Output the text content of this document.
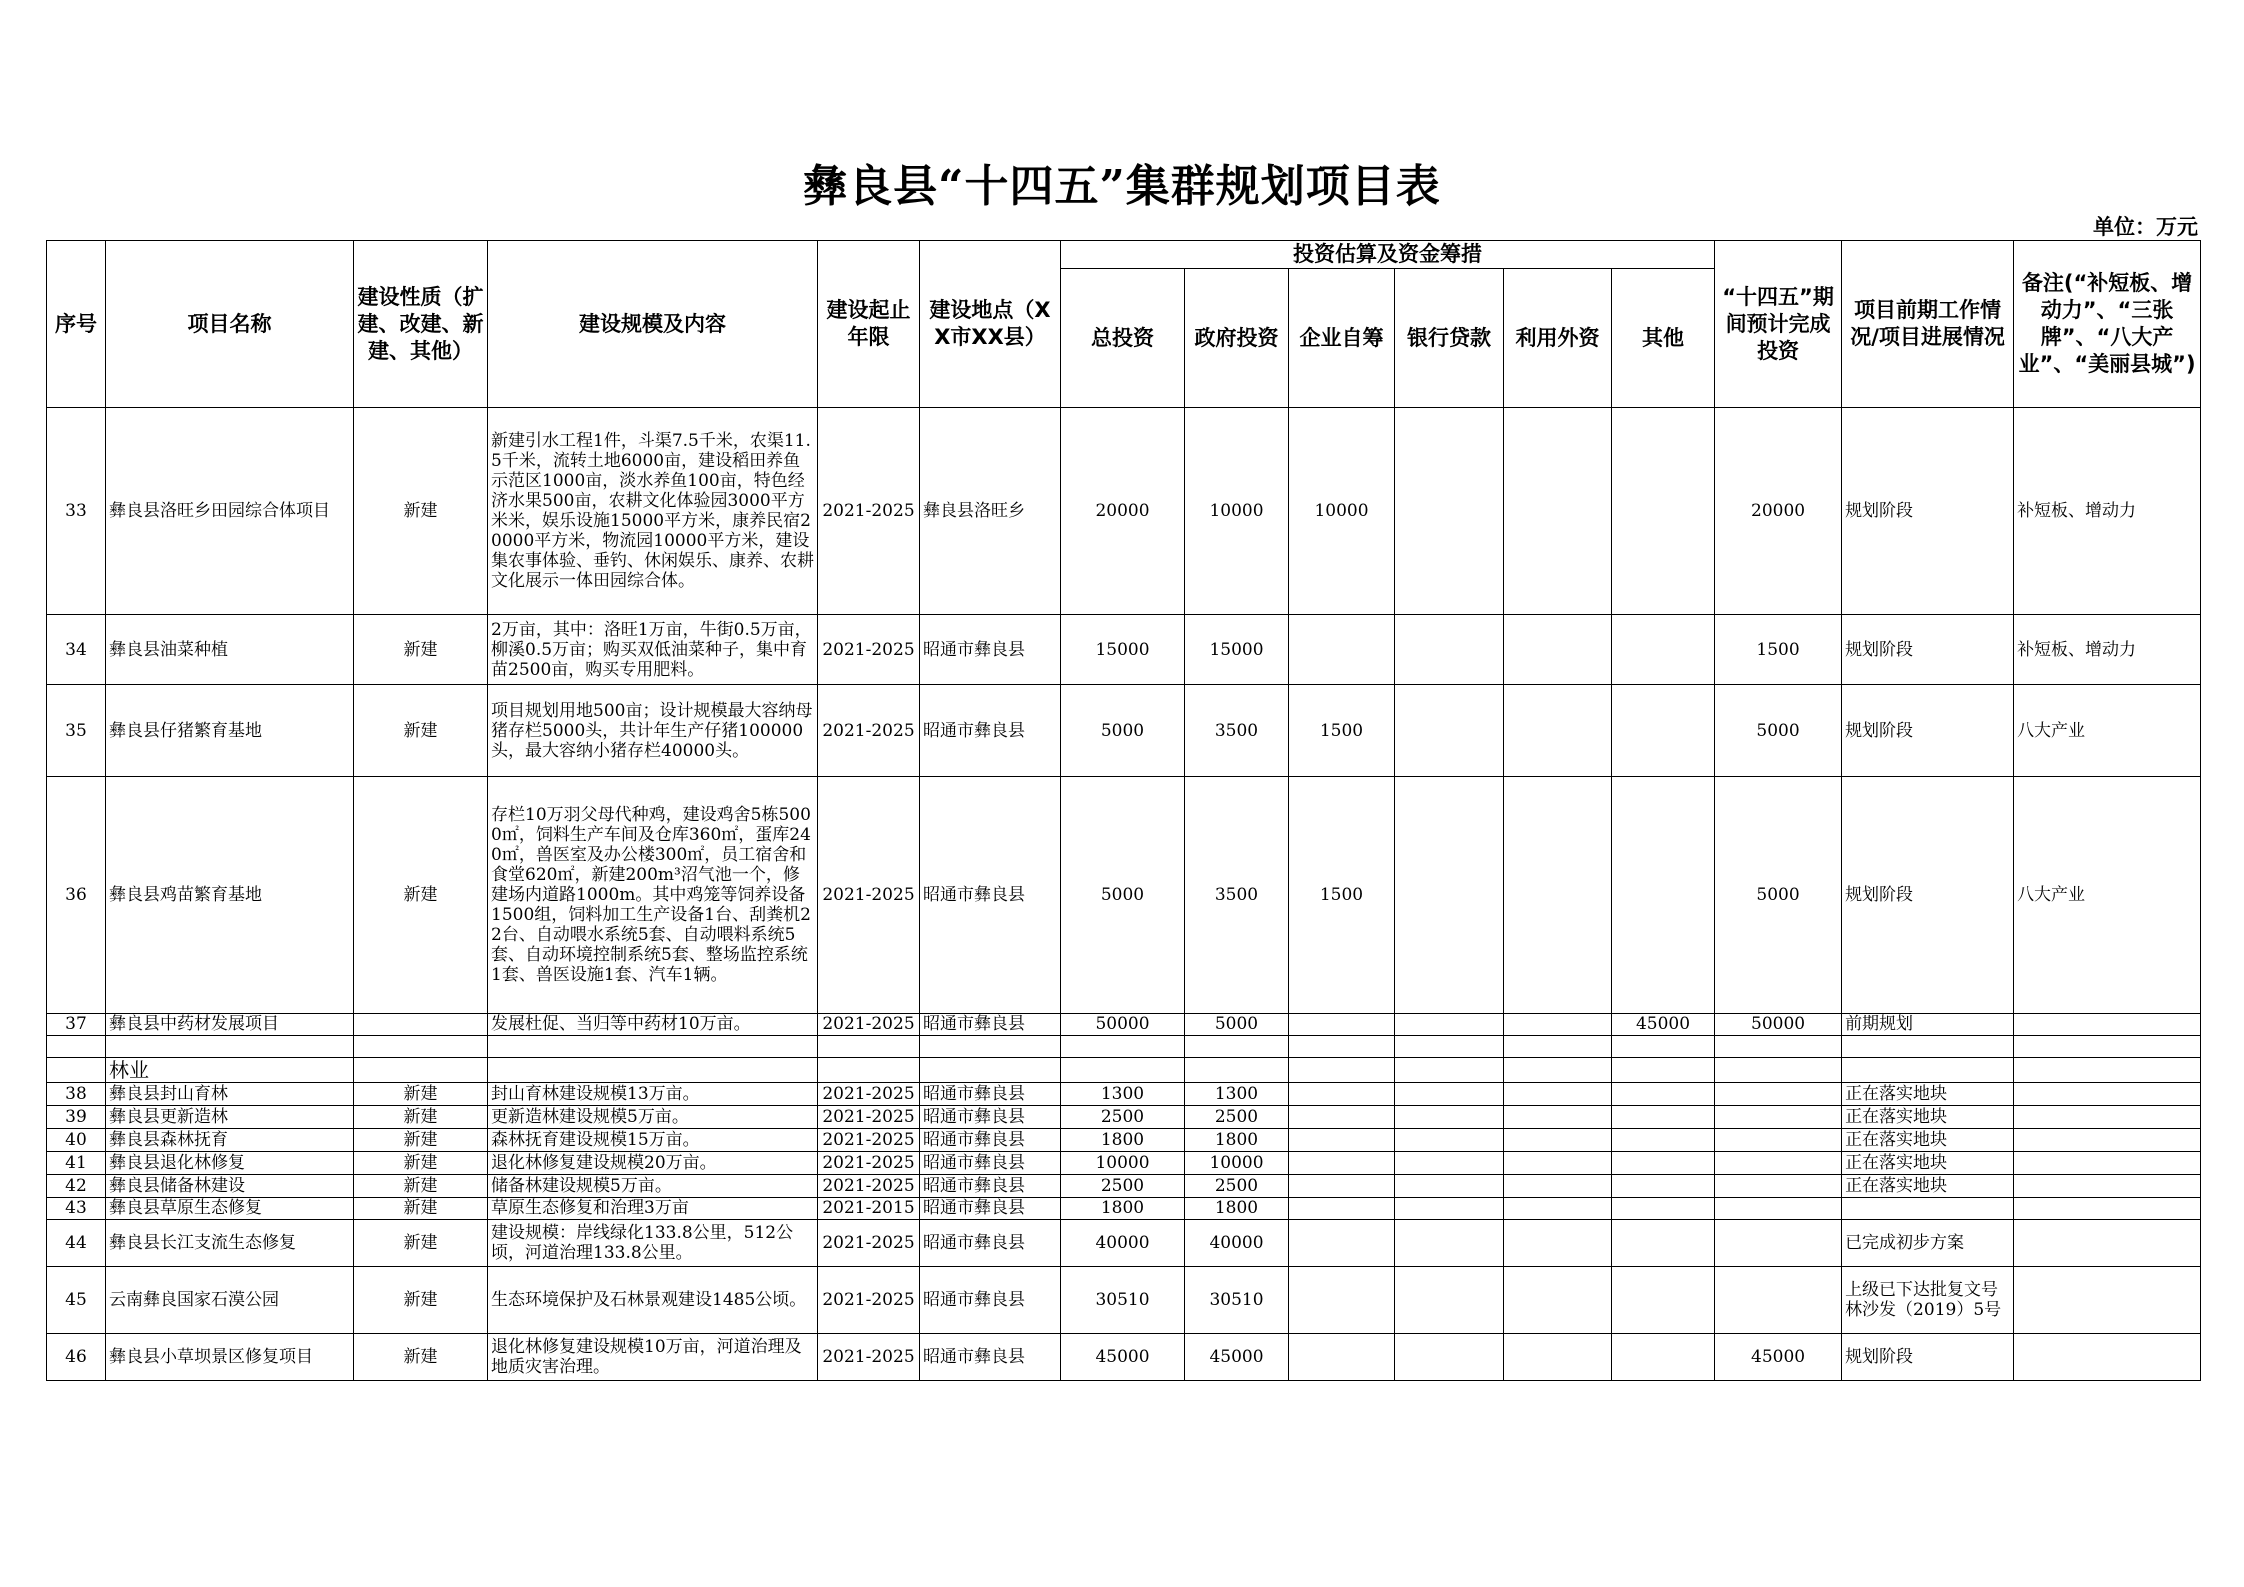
彝良县“十四五”集群规划项目表
单位：万元
序号	项目名称	建设性质（扩建、改建、新建、其他）	建设规模及内容	建设起止年限	建设地点（XX市XX县）	投资估算及资金筹措						“十四五”期间预计完成投资	项目前期工作情况/项目进展情况	备注(“补短板、增动力”、“三张牌”、“八大产业”、“美丽县城”)
						总投资	政府投资	企业自筹	银行贷款	利用外资	其他			
33	彝良县洛旺乡田园综合体项目	新建	新建引水工程1件，斗渠7.5千米，农渠11.5千米，流转土地6000亩，建设稻田养鱼示范区1000亩，淡水养鱼100亩，特色经济水果500亩，农耕文化体验园3000平方米米，娱乐设施15000平方米，康养民宿20000平方米，物流园10000平方米，建设集农事体验、垂钓、休闲娱乐、康养、农耕文化展示一体田园综合体。	2021-2025	彝良县洛旺乡	20000	10000	10000				20000	规划阶段	补短板、增动力
34	彝良县油菜种植	新建	2万亩，其中：洛旺1万亩，牛街0.5万亩，柳溪0.5万亩；购买双低油菜种子，集中育苗2500亩，购买专用肥料。	2021-2025	昭通市彝良县	15000	15000					1500	规划阶段	补短板、增动力
35	彝良县仔猪繁育基地	新建	项目规划用地500亩；设计规模最大容纳母猪存栏5000头，共计年生产仔猪100000头，最大容纳小猪存栏40000头。	2021-2025	昭通市彝良县	5000	3500	1500				5000	规划阶段	八大产业
36	彝良县鸡苗繁育基地	新建	存栏10万羽父母代种鸡，建设鸡舍5栋5000㎡，饲料生产车间及仓库360㎡，蛋库240㎡，兽医室及办公楼300㎡，员工宿舍和食堂620㎡，新建200m³沼气池一个，修建场内道路1000m。其中鸡笼等饲养设备1500组，饲料加工生产设备1台、刮粪机22台、自动喂水系统5套、自动喂料系统5套、自动环境控制系统5套、整场监控系统1套、兽医设施1套、汽车1辆。	2021-2025	昭通市彝良县	5000	3500	1500				5000	规划阶段	八大产业
37	彝良县中药材发展项目		发展杜促、当归等中药材10万亩。	2021-2025	昭通市彝良县	50000	5000				45000	50000	前期规划	

	林业													
38	彝良县封山育林	新建	封山育林建设规模13万亩。	2021-2025	昭通市彝良县	1300	1300						正在落实地块	
39	彝良县更新造林	新建	更新造林建设规模5万亩。	2021-2025	昭通市彝良县	2500	2500						正在落实地块	
40	彝良县森林抚育	新建	森林抚育建设规模15万亩。	2021-2025	昭通市彝良县	1800	1800						正在落实地块	
41	彝良县退化林修复	新建	退化林修复建设规模20万亩。	2021-2025	昭通市彝良县	10000	10000						正在落实地块	
42	彝良县储备林建设	新建	储备林建设规模5万亩。	2021-2025	昭通市彝良县	2500	2500						正在落实地块	
43	彝良县草原生态修复	新建	草原生态修复和治理3万亩	2021-2015	昭通市彝良县	1800	1800							
44	彝良县长江支流生态修复	新建	建设规模：岸线绿化133.8公里，512公顷，河道治理133.8公里。	2021-2025	昭通市彝良县	40000	40000						已完成初步方案	
45	云南彝良国家石漠公园	新建	生态环境保护及石林景观建设1485公顷。	2021-2025	昭通市彝良县	30510	30510						上级已下达批复文号林沙发（2019）5号	
46	彝良县小草坝景区修复项目	新建	退化林修复建设规模10万亩，河道治理及地质灾害治理。	2021-2025	昭通市彝良县	45000	45000					45000	规划阶段	
